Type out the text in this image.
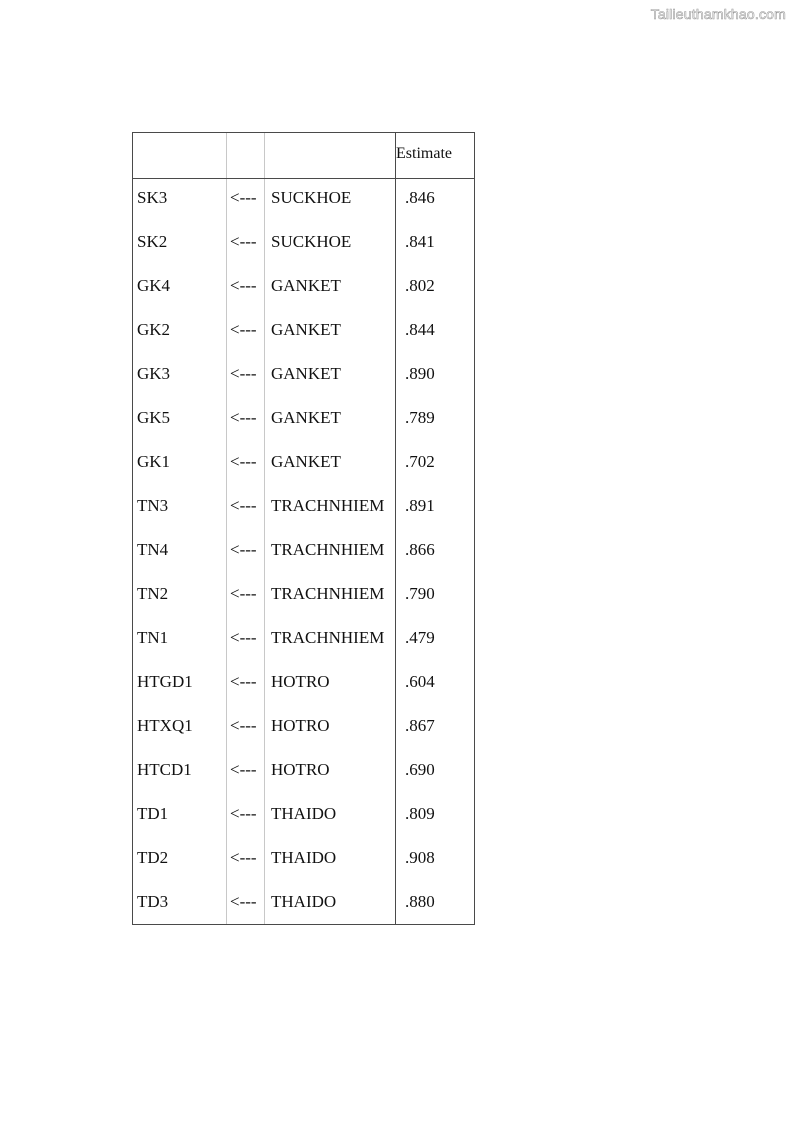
Tailieuthamkhao.com
Estimate
SK3	<--- SUCKHOE	.846
SK2	<--- SUCKHOE	.841
GK4	<--- GANKET	.802
GK2	<--- GANKET	.844
GK3	<--- GANKET	.890
GK5	<--- GANKET	.789
GK1	<--- GANKET	.702
TN3	<--- TRACHNHIEM .891
TN4	<--- TRACHNHIEM .866
TN2	<--- TRACHNHIEM .790
TN1	<--- TRACHNHIEM .479
HTGD1 <--- HOTRO	.604
HTXQ1 <--- HOTRO	.867
HTCD1 <--- HOTRO	.690
TD1	<--- THAIDO	.809
TD2	<--- THAIDO	.908
TD3	<--- THAIDO	.880
